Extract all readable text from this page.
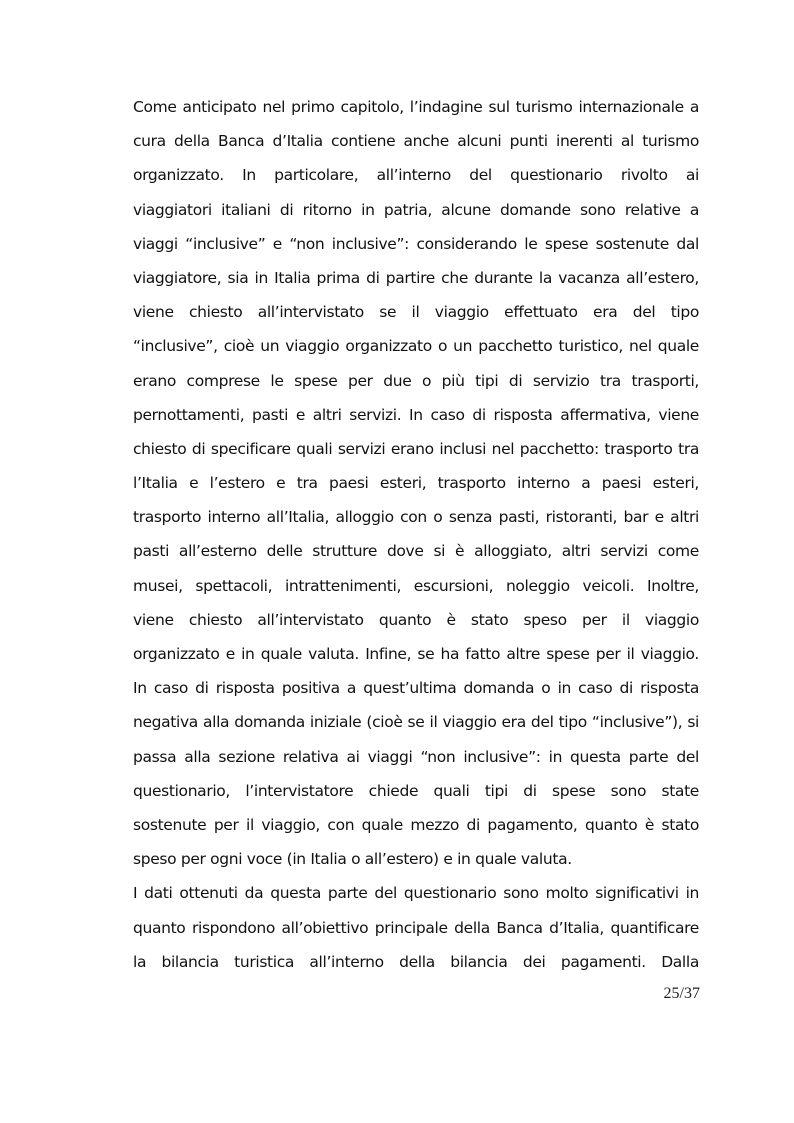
Come anticipato nel primo capitolo, l’indagine sul turismo internazionale a
cura della Banca d’Italia contiene anche alcuni punti inerenti al turismo
organizzato. In particolare, all’interno del questionario rivolto ai
viaggiatori italiani di ritorno in patria, alcune domande sono relative a
viaggi “inclusive” e “non inclusive”: considerando le spese sostenute dal
viaggiatore, sia in Italia prima di partire che durante la vacanza all’estero,
viene chiesto all’intervistato se il viaggio effettuato era del tipo
“inclusive”, cioè un viaggio organizzato o un pacchetto turistico, nel quale
erano comprese le spese per due o più tipi di servizio tra trasporti,
pernottamenti, pasti e altri servizi. In caso di risposta affermativa, viene
chiesto di specificare quali servizi erano inclusi nel pacchetto: trasporto tra
l’Italia e l’estero e tra paesi esteri, trasporto interno a paesi esteri,
trasporto interno all’Italia, alloggio con o senza pasti, ristoranti, bar e altri
pasti all’esterno delle strutture dove si è alloggiato, altri servizi come
musei, spettacoli, intrattenimenti, escursioni, noleggio veicoli. Inoltre,
viene chiesto all’intervistato quanto è stato speso per il viaggio
organizzato e in quale valuta. Infine, se ha fatto altre spese per il viaggio.
In caso di risposta positiva a quest’ultima domanda o in caso di risposta
negativa alla domanda iniziale (cioè se il viaggio era del tipo “inclusive”), si
passa alla sezione relativa ai viaggi “non inclusive”: in questa parte del
questionario, l’intervistatore chiede quali tipi di spese sono state
sostenute per il viaggio, con quale mezzo di pagamento, quanto è stato
speso per ogni voce (in Italia o all’estero) e in quale valuta.
I dati ottenuti da questa parte del questionario sono molto significativi in
quanto rispondono all’obiettivo principale della Banca d’Italia, quantificare
la bilancia turistica all’interno della bilancia dei pagamenti. Dalla
25/37
